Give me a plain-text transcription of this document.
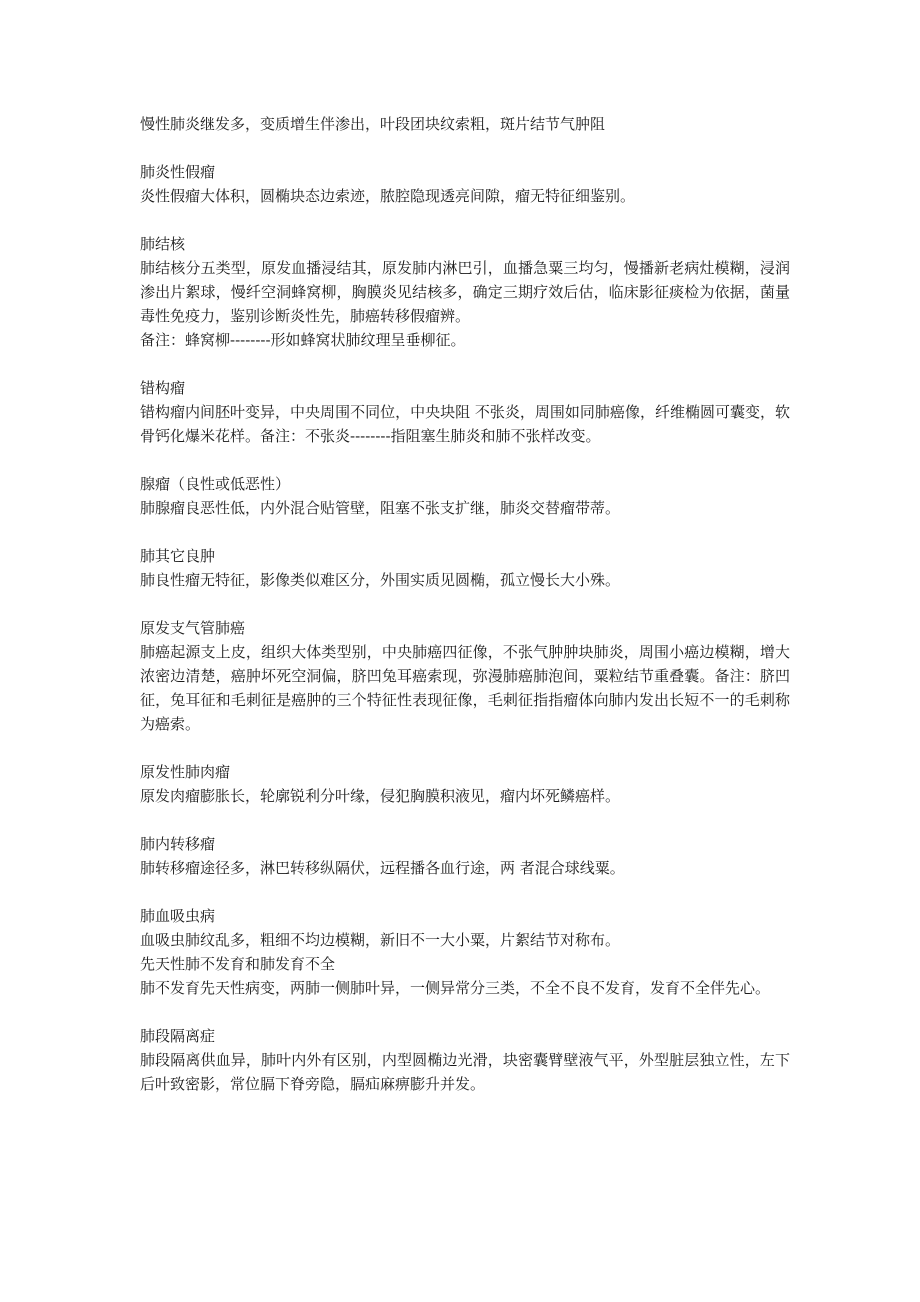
慢性肺炎继发多，变质增生伴渗出，叶段团块纹索粗，斑片结节气肿阻

肺炎性假瘤

炎性假瘤大体积，圆椭块态边索迹，脓腔隐现透亮间隙，瘤无特征细鉴别。

肺结核

肺结核分五类型，原发血播浸结其，原发肺内淋巴引，血播急粟三均匀，慢播新老病灶模糊，浸润渗出片絮球，慢纤空洞蜂窝柳，胸膜炎见结核多，确定三期疗效后估，临床影征痰检为依据，菌量毒性免疫力，鉴别诊断炎性先，肺癌转移假瘤辨。

备注：蜂窝柳--------形如蜂窝状肺纹理呈垂柳征。

错构瘤

错构瘤内间胚叶变异，中央周围不同位，中央块阻 不张炎，周围如同肺癌像，纤维椭圆可囊变，软骨钙化爆米花样。备注：不张炎--------指阻塞生肺炎和肺不张样改变。

腺瘤（良性或低恶性）

肺腺瘤良恶性低，内外混合贴管壁，阻塞不张支扩继，肺炎交替瘤带蒂。

肺其它良肿

肺良性瘤无特征，影像类似难区分，外围实质见圆椭，孤立慢长大小殊。

原发支气管肺癌

肺癌起源支上皮，组织大体类型别，中央肺癌四征像，不张气肿肿块肺炎，周围小癌边模糊，增大浓密边清楚，癌肿坏死空洞偏，脐凹兔耳癌索现，弥漫肺癌肺泡间，粟粒结节重叠囊。备注：脐凹征，兔耳征和毛刺征是癌肿的三个特征性表现征像，毛刺征指指瘤体向肺内发出长短不一的毛刺称为癌索。

原发性肺肉瘤

原发肉瘤膨胀长，轮廓锐利分叶缘，侵犯胸膜积液见，瘤内坏死鳞癌样。

肺内转移瘤

肺转移瘤途径多，淋巴转移纵隔伏，远程播各血行途，两 者混合球线粟。

肺血吸虫病

血吸虫肺纹乱多，粗细不均边模糊，新旧不一大小粟，片絮结节对称布。

先天性肺不发育和肺发育不全

肺不发育先天性病变，两肺一侧肺叶异，一侧异常分三类，不全不良不发育，发育不全伴先心。

肺段隔离症

肺段隔离供血异，肺叶内外有区别，内型圆椭边光滑，块密囊臂壁液气平，外型脏层独立性，左下后叶致密影，常位膈下脊旁隐，膈疝麻痹膨升并发。
